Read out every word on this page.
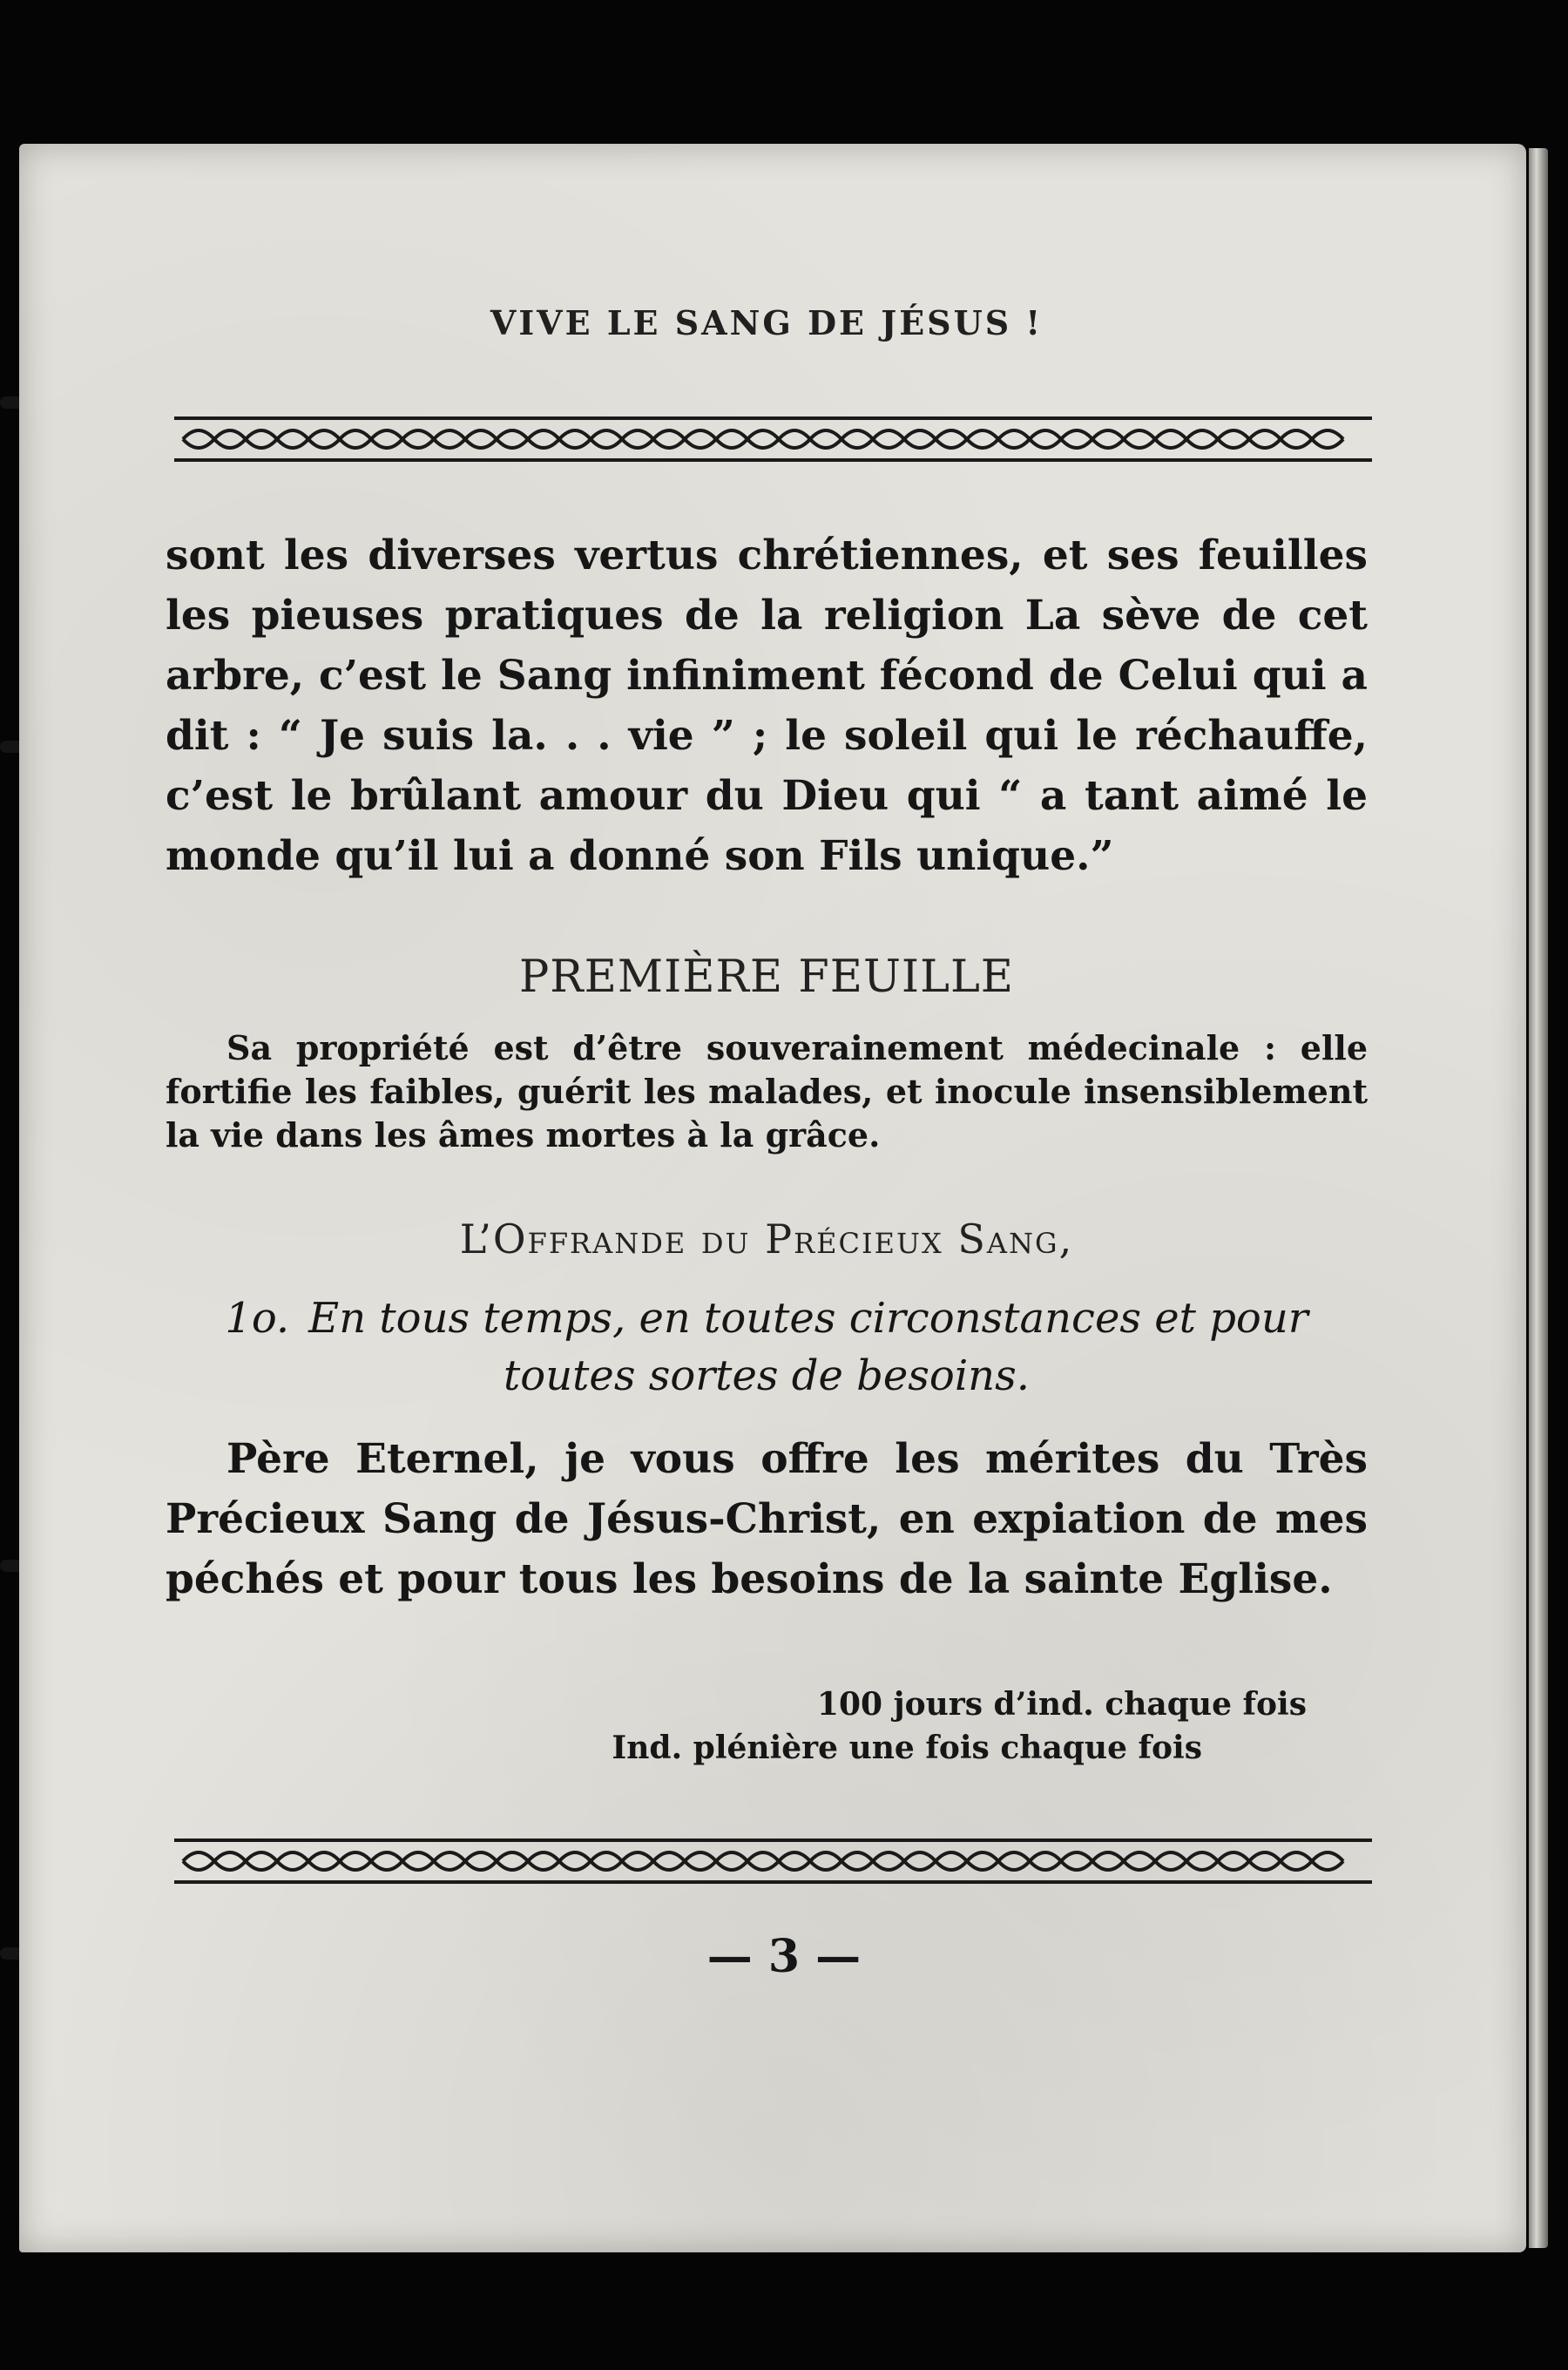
VIVE LE SANG DE JÉSUS !
sont les diverses vertus chrétiennes, et ses feuilles les pieuses pratiques de la religion La sève de cet arbre, c’est le Sang infiniment fécond de Celui qui a dit : “ Je suis la. . . vie ” ; le soleil qui le réchauffe, c’est le brûlant amour du Dieu qui “ a tant aimé le monde qu’il lui a donné son Fils unique.”
PREMIÈRE FEUILLE
Sa propriété est d’être souverainement médecinale : elle fortifie les faibles, guérit les malades, et inocule insensiblement la vie dans les âmes mortes à la grâce.
L’Offrande du Précieux Sang,
1o. En tous temps, en toutes circonstances et pour
toutes sortes de besoins.
Père Eternel, je vous offre les mérites du Très Précieux Sang de Jésus-Christ, en expiation de mes péchés et pour tous les besoins de la sainte Eglise.
100 jours d’ind. chaque fois
Ind. plénière une fois chaque fois
— 3 —
